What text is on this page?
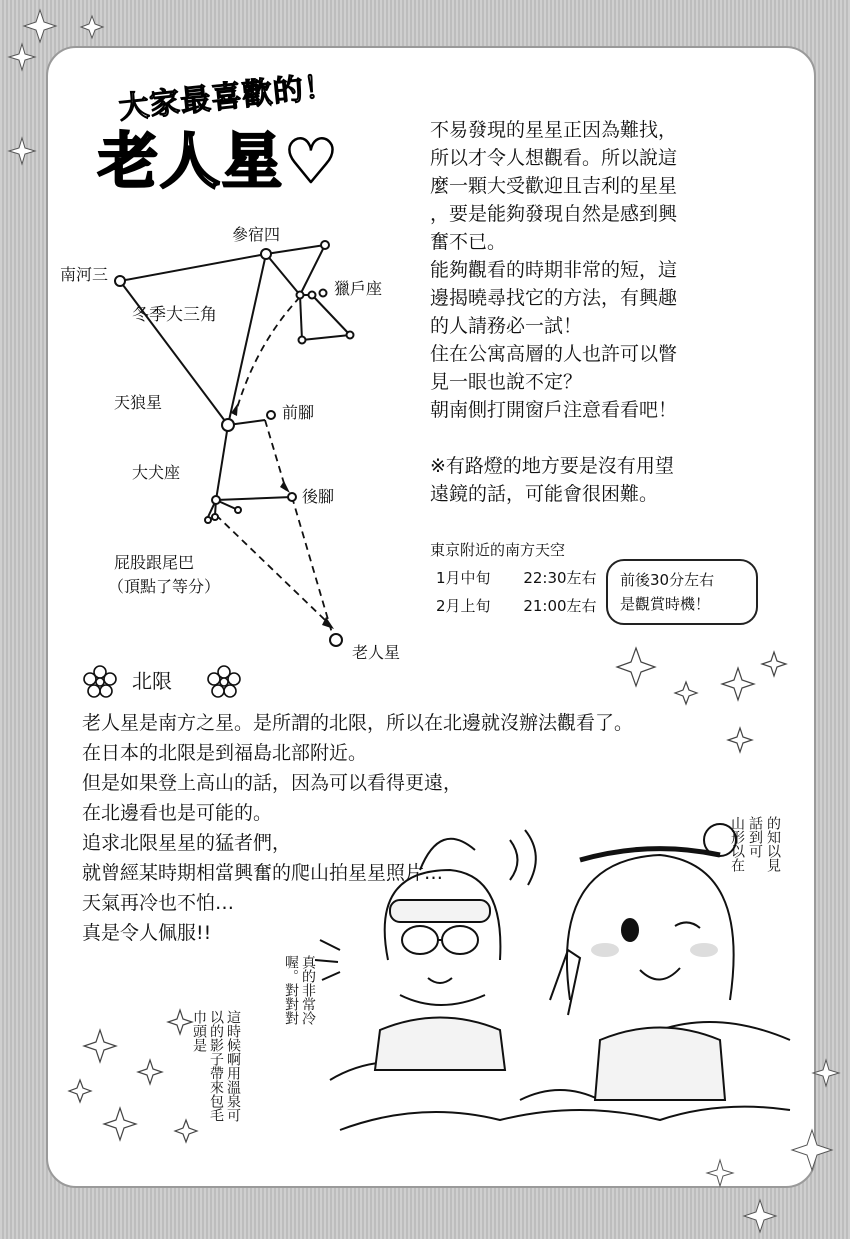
大家最喜歡的！
老人星♥	不易發現的星星正因為難找，
所以才令人想觀看。所以說這
麼一顆大受歡迎且吉利的星星
，要是能夠發現自然是感到興
奮不已。
能夠觀看的時期非常的短，這
邊揭曉尋找它的方法，有興趣
的人請務必一試！
住在公寓高層的人也許可以瞥
見一眼也說不定？
朝南側打開窗戶注意看看吧！
※有路燈的地方要是沒有用望
遠鏡的話，可能會很困難。
參宿四
南河三
冬季大三角
獵戶座
天狼星
前腳
大犬座
後腳
屁股跟尾巴
（頂點了等分）
老人星
東京附近的南方天空
1月中旬 22:30左右
2月上旬 21:00左右
前後30分左右
是觀賞時機！
北限
老人星是南方之星。是所謂的北限，所以在北邊就沒辦法觀看了。
在日本的北限是到福島北部附近。
但是如果登上高山的話，因為可以看得更遠，
在北邊看也是可能的。
追求北限星星的猛者們，
就曾經某時期相當興奮的爬山拍星星照片…
天氣再冷也不怕…
真是令人佩服!!
山形以在 話到可 的知以見
真的非常冷喔。對對對
這時候啊用溫泉可以的影子帶來包毛巾頭是
